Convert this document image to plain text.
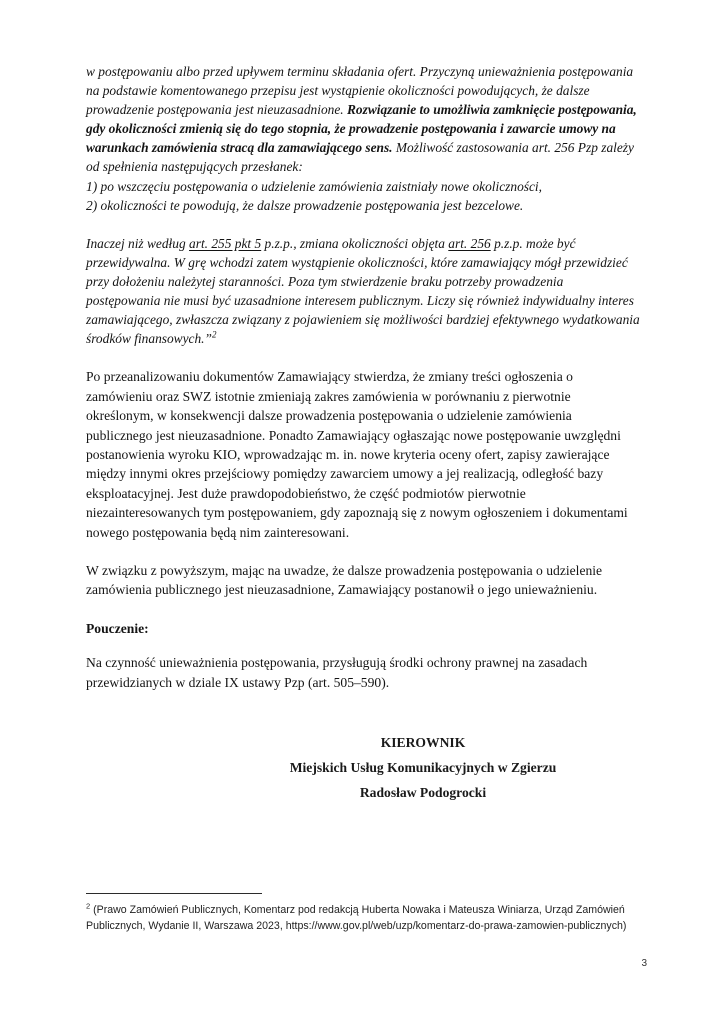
w postępowaniu albo przed upływem terminu składania ofert. Przyczyną unieważnienia postępowania na podstawie komentowanego przepisu jest wystąpienie okoliczności powodujących, że dalsze prowadzenie postępowania jest nieuzasadnione. Rozwiązanie to umożliwia zamknięcie postępowania, gdy okoliczności zmienią się do tego stopnia, że prowadzenie postępowania i zawarcie umowy na warunkach zamówienia stracą dla zamawiającego sens. Możliwość zastosowania art. 256 Pzp zależy od spełnienia następujących przesłanek:

1) po wszczęciu postępowania o udzielenie zamówienia zaistniały nowe okoliczności,

2) okoliczności te powodują, że dalsze prowadzenie postępowania jest bezcelowe.

Inaczej niż według art. 255 pkt 5 p.z.p., zmiana okoliczności objęta art. 256 p.z.p. może być przewidywalna. W grę wchodzi zatem wystąpienie okoliczności, które zamawiający mógł przewidzieć przy dołożeniu należytej staranności. Poza tym stwierdzenie braku potrzeby prowadzenia postępowania nie musi być uzasadnione interesem publicznym. Liczy się również indywidualny interes zamawiającego, zwłaszcza związany z pojawieniem się możliwości bardziej efektywnego wydatkowania środków finansowych.”$^2$

Po przeanalizowaniu dokumentów Zamawiający stwierdza, że zmiany treści ogłoszenia o zamówieniu oraz SWZ istotnie zmieniają zakres zamówienia w porównaniu z pierwotnie określonym, w konsekwencji dalsze prowadzenia postępowania o udzielenie zamówienia publicznego jest nieuzasadnione. Ponadto Zamawiający ogłaszając nowe postępowanie uwzględni postanowienia wyroku KIO, wprowadzając m. in. nowe kryteria oceny ofert, zapisy zawierające między innymi okres przejściowy pomiędzy zawarciem umowy a jej realizacją, odległość bazy eksploatacyjnej. Jest duże prawdopodobieństwo, że część podmiotów pierwotnie niezainteresowanych tym postępowaniem, gdy zapoznają się z nowym ogłoszeniem i dokumentami nowego postępowania będą nim zainteresowani.

W związku z powyższym, mając na uwadze, że dalsze prowadzenia postępowania o udzielenie zamówienia publicznego jest nieuzasadnione, Zamawiający postanowił o jego unieważnieniu.

Pouczenie:

Na czynność unieważnienia postępowania, przysługują środki ochrony prawnej na zasadach przewidzianych w dziale IX ustawy Pzp (art. 505–590).

KIEROWNIK
Miejskich Usług Komunikacyjnych w Zgierzu
Radosław Podogrocki
$^2$ (Prawo Zamówień Publicznych, Komentarz pod redakcją Huberta Nowaka i Mateusza Winiarza, Urząd Zamówień Publicznych, Wydanie II, Warszawa 2023, https://www.gov.pl/web/uzp/komentarz-do-prawa-zamowien-publicznych)
3
